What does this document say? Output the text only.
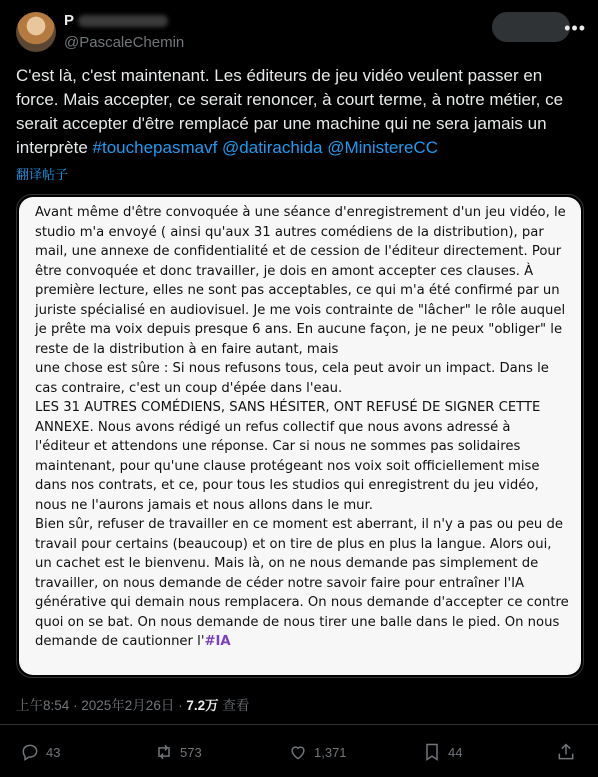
P
@PascaleChemin
•••
C'est là, c'est maintenant. Les éditeurs de jeu vidéo veulent passer en force. Mais accepter, ce serait renoncer, à court terme, à notre métier, ce serait accepter d'être remplacé par une machine qui ne sera jamais un interprète #touchepasmavf @datirachida @MinistereCC
翻译帖子
Avant même d'être convoquée à une séance d'enregistrement d'un jeu vidéo, le studio m'a envoyé ( ainsi qu'aux 31 autres comédiens de la distribution), par mail, une annexe de confidentialité et de cession de l'éditeur directement. Pour être convoquée et donc travailler, je dois en amont accepter ces clauses. À première lecture, elles ne sont pas acceptables, ce qui m'a été confirmé par un juriste spécialisé en audiovisuel. Je me vois contrainte de "lâcher" le rôle auquel je prête ma voix depuis presque 6 ans. En aucune façon, je ne peux "obliger" le reste de la distribution à en faire autant, mais
une chose est sûre : Si nous refusons tous, cela peut avoir un impact. Dans le cas contraire, c'est un coup d'épée dans l'eau.
LES 31 AUTRES COMÉDIENS, SANS HÉSITER, ONT REFUSÉ DE SIGNER CETTE ANNEXE. Nous avons rédigé un refus collectif que nous avons adressé à l'éditeur et attendons une réponse. Car si nous ne sommes pas solidaires maintenant, pour qu'une clause protégeant nos voix soit officiellement mise dans nos contrats, et ce, pour tous les studios qui enregistrent du jeu vidéo, nous ne l'aurons jamais et nous allons dans le mur.
Bien sûr, refuser de travailler en ce moment est aberrant, il n'y a pas ou peu de travail pour certains (beaucoup) et on tire de plus en plus la langue. Alors oui, un cachet est le bienvenu. Mais là, on ne nous demande pas simplement de travailler, on nous demande de céder notre savoir faire pour entraîner l'IA générative qui demain nous remplacera. On nous demande d'accepter ce contre quoi on se bat. On nous demande de nous tirer une balle dans le pied. On nous demande de cautionner l'#IA
上午8:54 · 2025年2月26日 · 7.2万 查看
43	573	1,371	44
